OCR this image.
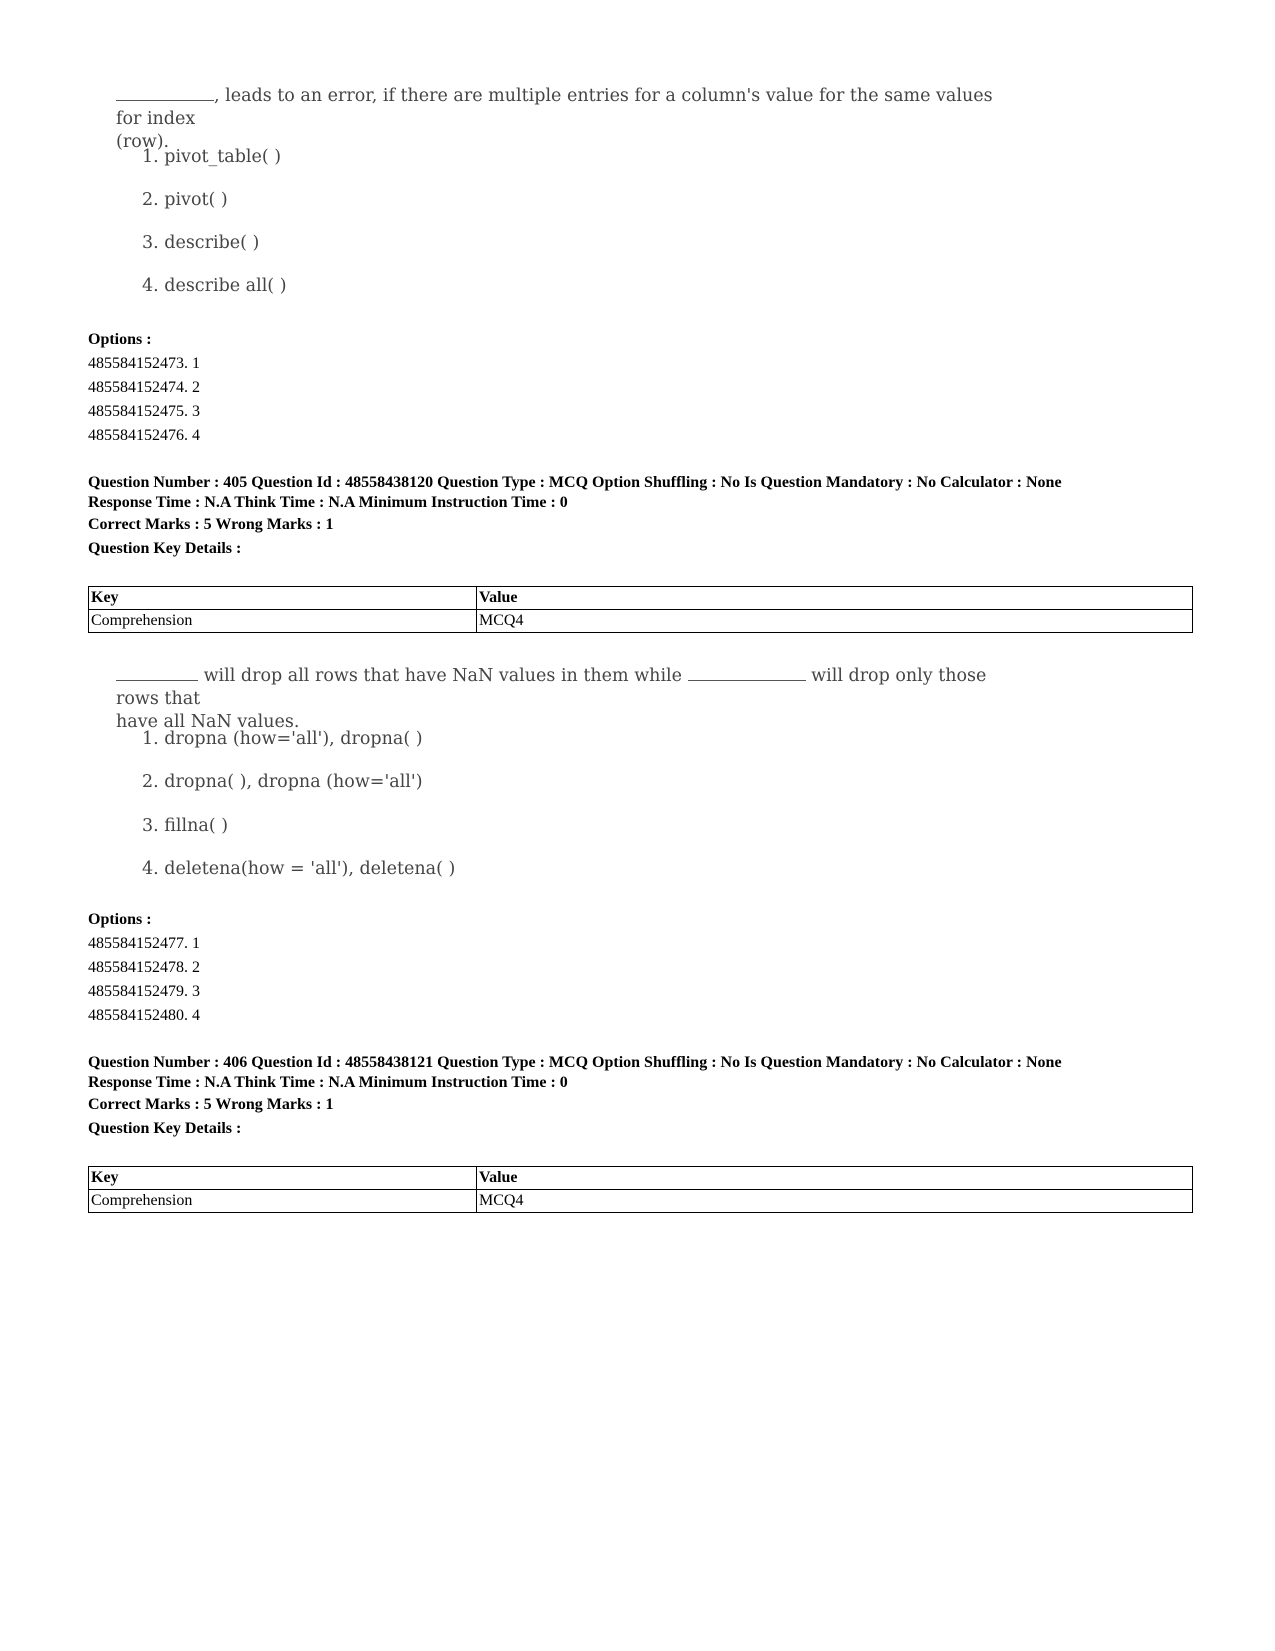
, leads to an error, if there are multiple entries for a column's value for the same values for index
(row).
1. pivot_table( )
2. pivot( )
3. describe( )
4. describe all( )
Options :
485584152473. 1
485584152474. 2
485584152475. 3
485584152476. 4
Question Number : 405 Question Id : 48558438120 Question Type : MCQ Option Shuffling : No Is Question Mandatory : No Calculator : None
Response Time : N.A Think Time : N.A Minimum Instruction Time : 0
Correct Marks : 5 Wrong Marks : 1
Question Key Details :
Key	Value
Comprehension	MCQ4
will drop all rows that have NaN values in them while	will drop only those rows that
have all NaN values.
1. dropna (how='all'), dropna( )
2. dropna( ), dropna (how='all')
3. fillna( )
4. deletena(how = 'all'), deletena( )
Options :
485584152477. 1
485584152478. 2
485584152479. 3
485584152480. 4
Question Number : 406 Question Id : 48558438121 Question Type : MCQ Option Shuffling : No Is Question Mandatory : No Calculator : None
Response Time : N.A Think Time : N.A Minimum Instruction Time : 0
Correct Marks : 5 Wrong Marks : 1
Question Key Details :
Key	Value
Comprehension	MCQ4
